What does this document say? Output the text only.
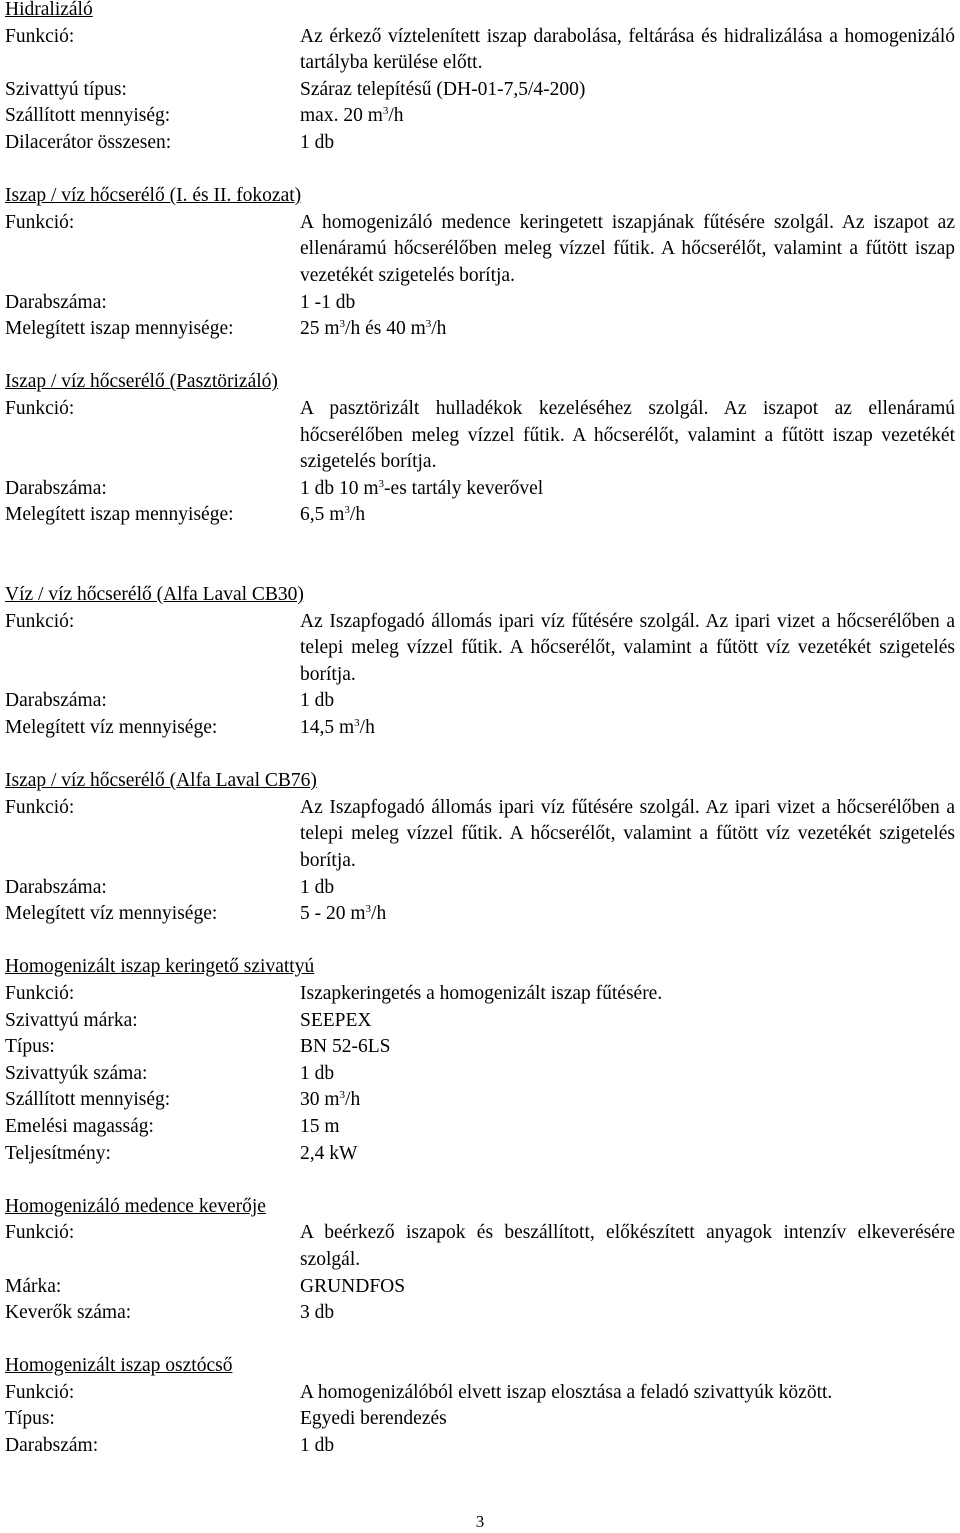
Hidralizáló
Funkció:	Az érkező víztelenített iszap darabolása, feltárása és hidralizálása a homogenizáló tartályba kerülése előtt.
Szivattyú típus:	Száraz telepítésű (DH-01-7,5/4-200)
Szállított mennyiség:	max. 20 $m^3/h$
Dilacerátor összesen:	1 db
Iszap / víz hőcserélő (I. és II. fokozat)
Funkció:	A homogenizáló medence keringetett iszapjának fűtésére szolgál. Az iszapot az ellenáramú hőcserélőben meleg vízzel fűtik. A hőcserélőt, valamint a fűtött iszap vezetékét szigetelés borítja.
Darabszáma:	1 -1 db
Melegített iszap mennyisége:	25 $m^3/h$ és 40 $m^3/h$
Iszap / víz hőcserélő (Pasztörizáló)
Funkció:	A pasztörizált hulladékok kezeléséhez szolgál. Az iszapot az ellenáramú hőcserélőben meleg vízzel fűtik. A hőcserélőt, valamint a fűtött iszap vezetékét szigetelés borítja.
Darabszáma:	1 db 10 $m^3-es$ tartály keverővel
Melegített iszap mennyisége:	6,5 $m^3/h$
Víz / víz hőcserélő (Alfa Laval CB30)
Funkció:	Az Iszapfogadó állomás ipari víz fűtésére szolgál. Az ipari vizet a hőcserélőben a telepi meleg vízzel fűtik. A hőcserélőt, valamint a fűtött víz vezetékét szigetelés borítja.
Darabszáma:	1 db
Melegített víz mennyisége:	14,5 $m^3/h$
Iszap / víz hőcserélő (Alfa Laval CB76)
Funkció:	Az Iszapfogadó állomás ipari víz fűtésére szolgál. Az ipari vizet a hőcserélőben a telepi meleg vízzel fűtik. A hőcserélőt, valamint a fűtött víz vezetékét szigetelés borítja.
Darabszáma:	1 db
Melegített víz mennyisége:	5 - 20 $m^3/h$
Homogenizált iszap keringető szivattyú
Funkció:	Iszapkeringetés a homogenizált iszap fűtésére.
Szivattyú márka:	SEEPEX
Típus:	BN 52-6LS
Szivattyúk száma:	1 db
Szállított mennyiség:	30 $m^3/h$
Emelési magasság:	15 m
Teljesítmény:	2,4 kW
Homogenizáló medence keverője
Funkció:	A beérkező iszapok és beszállított, előkészített anyagok intenzív elkeverésére szolgál.
Márka:	GRUNDFOS
Keverők száma:	3 db
Homogenizált iszap osztócső
Funkció:	A homogenizálóból elvett iszap elosztása a feladó szivattyúk között.
Típus:	Egyedi berendezés
Darabszám:	1 db
3
